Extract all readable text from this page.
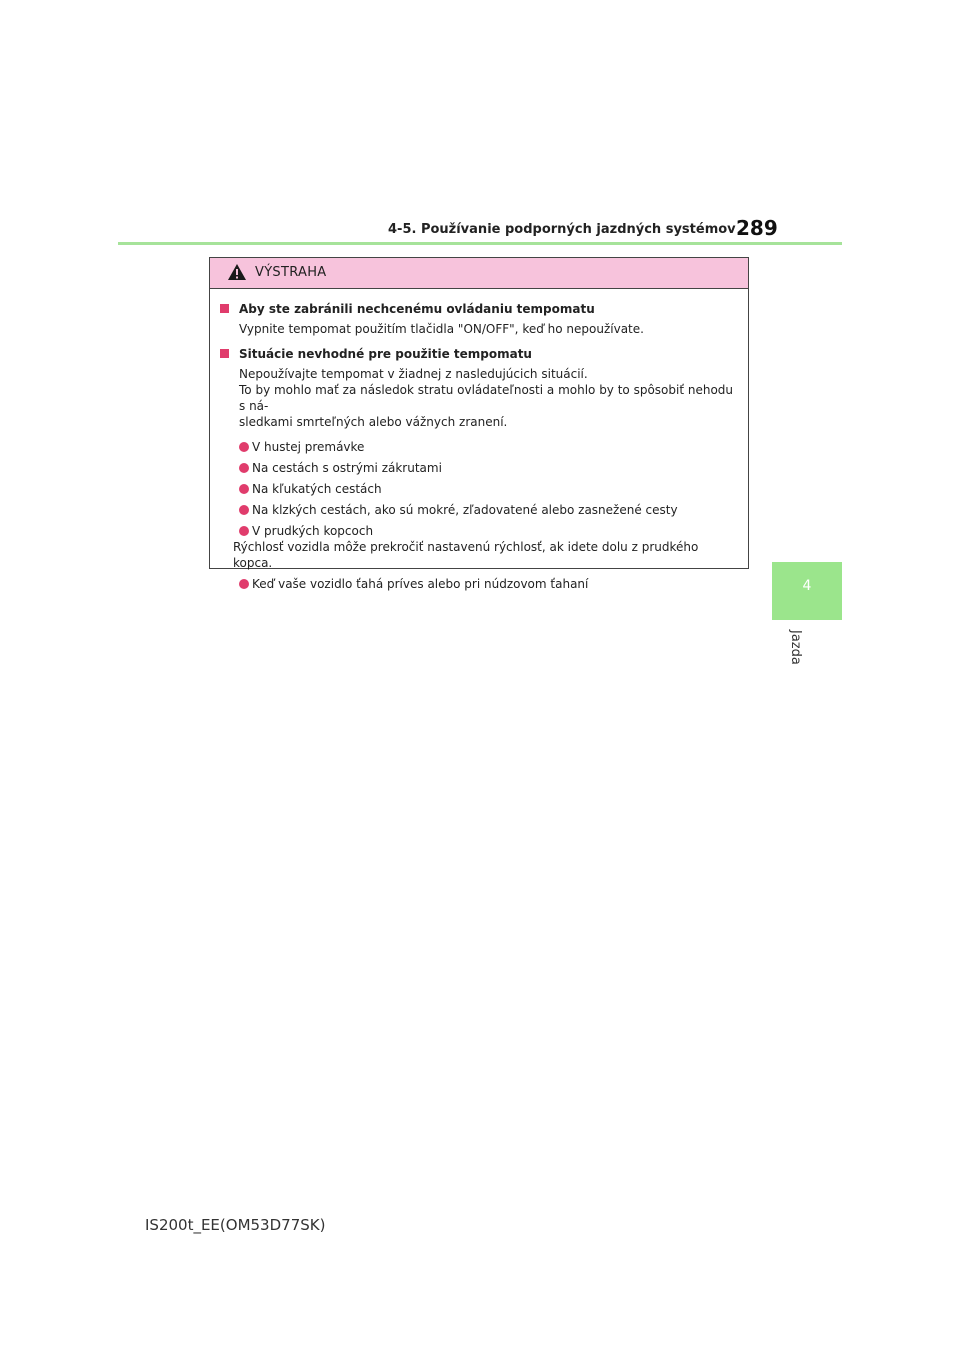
4-5. Používanie podporných jazdných systémov 289
4
Jazda
VÝSTRAHA
Aby ste zabránili nechcenému ovládaniu tempomatu
Vypnite tempomat použitím tlačidla "ON/OFF", keď ho nepoužívate.
Situácie nevhodné pre použitie tempomatu
Nepoužívajte tempomat v žiadnej z nasledujúcich situácií.
To by mohlo mať za následok stratu ovládateľnosti a mohlo by to spôsobiť nehodu s ná-
sledkami smrteľných alebo vážnych zranení.
V hustej premávke
Na cestách s ostrými zákrutami
Na kľukatých cestách
Na klzkých cestách, ako sú mokré, zľadovatené alebo zasnežené cesty
V prudkých kopcoch
Rýchlosť vozidla môže prekročiť nastavenú rýchlosť, ak idete dolu z prudkého kopca.
Keď vaše vozidlo ťahá príves alebo pri núdzovom ťahaní
IS200t_EE(OM53D77SK)
